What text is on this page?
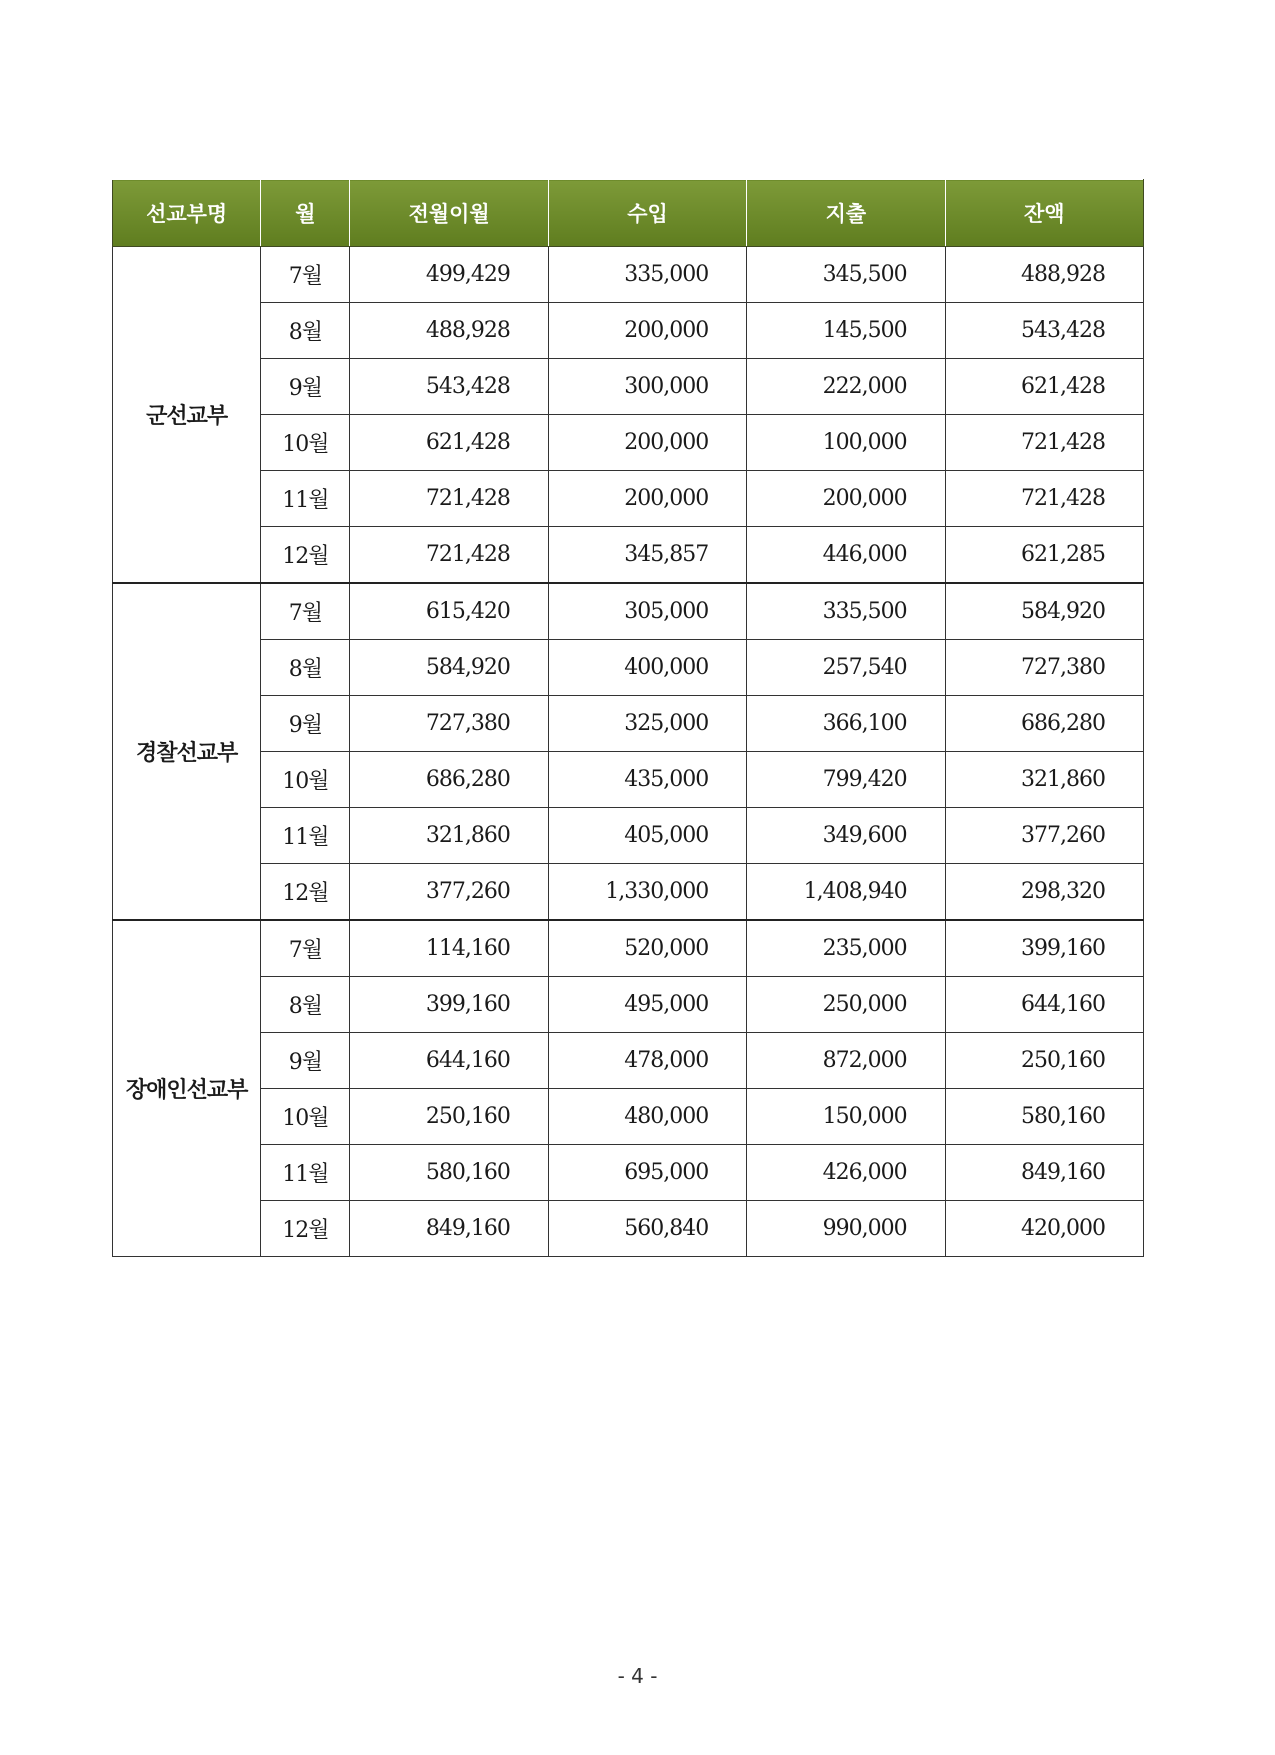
선교부명	월	전월이월	수입	지출	잔액
군선교부	7월	499,429	335,000	345,500	488,928
	8월	488,928	200,000	145,500	543,428
	9월	543,428	300,000	222,000	621,428
	10월	621,428	200,000	100,000	721,428
	11월	721,428	200,000	200,000	721,428
	12월	721,428	345,857	446,000	621,285
경찰선교부	7월	615,420	305,000	335,500	584,920
	8월	584,920	400,000	257,540	727,380
	9월	727,380	325,000	366,100	686,280
	10월	686,280	435,000	799,420	321,860
	11월	321,860	405,000	349,600	377,260
	12월	377,260	1,330,000	1,408,940	298,320
장애인선교부	7월	114,160	520,000	235,000	399,160
	8월	399,160	495,000	250,000	644,160
	9월	644,160	478,000	872,000	250,160
	10월	250,160	480,000	150,000	580,160
	11월	580,160	695,000	426,000	849,160
	12월	849,160	560,840	990,000	420,000
- 4 -
